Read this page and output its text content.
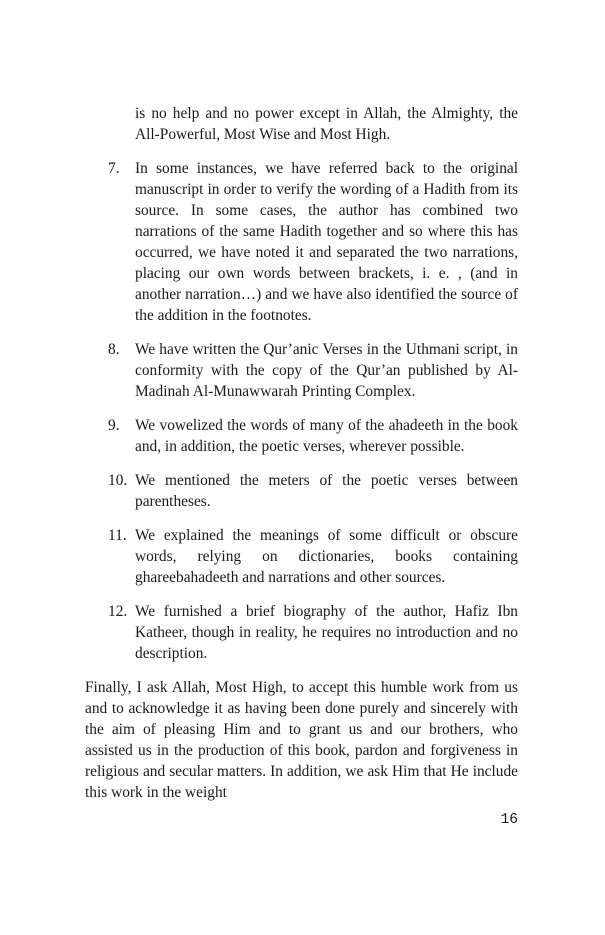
is no help and no power except in Allah, the Almighty, the All-Powerful, Most Wise and Most High.

7. In some instances, we have referred back to the original manuscript in order to verify the wording of a Hadith from its source. In some cases, the author has combined two narrations of the same Hadith together and so where this has occurred, we have noted it and separated the two narrations, placing our own words between brackets, i. e. , (and in another narration…) and we have also identified the source of the addition in the footnotes.

8. We have written the Qur’anic Verses in the Uthmani script, in conformity with the copy of the Qur’an published by Al-Madinah Al-Munawwarah Printing Complex.

9. We vowelized the words of many of the ahadeeth in the book and, in addition, the poetic verses, wherever possible.

10. We mentioned the meters of the poetic verses between parentheses.

11. We explained the meanings of some difficult or obscure words, relying on dictionaries, books containing ghareebahadeeth and narrations and other sources.

12. We furnished a brief biography of the author, Hafiz Ibn Katheer, though in reality, he requires no introduction and no description.

Finally, I ask Allah, Most High, to accept this humble work from us and to acknowledge it as having been done purely and sincerely with the aim of pleasing Him and to grant us and our brothers, who assisted us in the production of this book, pardon and forgiveness in religious and secular matters. In addition, we ask Him that He include this work in the weight

16
